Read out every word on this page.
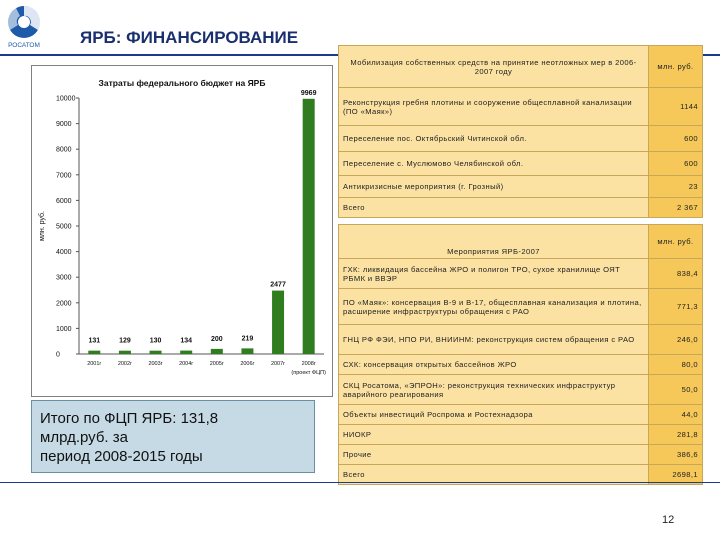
РОСАТОМ ЯРБ: ФИНАНСИРОВАНИЕ
Затраты федерального бюджет на ЯРБ
млн. руб.
0
1000
2000
3000
4000
5000
6000
7000
8000
9000
10000
131
2001г
129
2002г
130
2003г
134
2004г
200
2005г
219
2006г
2477
2007г
9969
2008г
(проект ФЦП)
Итого по ФЦП ЯРБ: 131,8
млрд.руб. за
период 2008-2015 годы
Мобилизация собственных средств на принятие неотложных мер в 2006-2007 году	млн. руб.
Реконструкция гребня плотины и сооружение общесплавной канализации (ПО «Маяк»)	1144
Переселение пос. Октябрьский Читинской обл.	600
Переселение с. Муслюмово Челябинской обл.	600
Антикризисные мероприятия (г. Грозный)	23
Всего	2 367
Мероприятия ЯРБ-2007	млн. руб.
ГХК: ликвидация бассейна ЖРО и полигон ТРО, сухое хранилище ОЯТ РБМК и ВВЭР	838,4
ПО «Маяк»: консервация В-9 и В-17, общесплавная канализация и плотина, расширение инфраструктуры обращения с РАО	771,3
ГНЦ РФ ФЭИ, НПО РИ, ВНИИНМ: реконструкция систем обращения с РАО	246,0
СХК: консервация открытых бассейнов ЖРО	80,0
СКЦ Росатома, «ЭПРОН»: реконструкция технических инфраструктур аварийного реагирования	50,0
Объекты инвестиций Роспрома и Ростехнадзора	44,0
НИОКР	281,8
Прочие	386,6
Всего	2698,1
12
